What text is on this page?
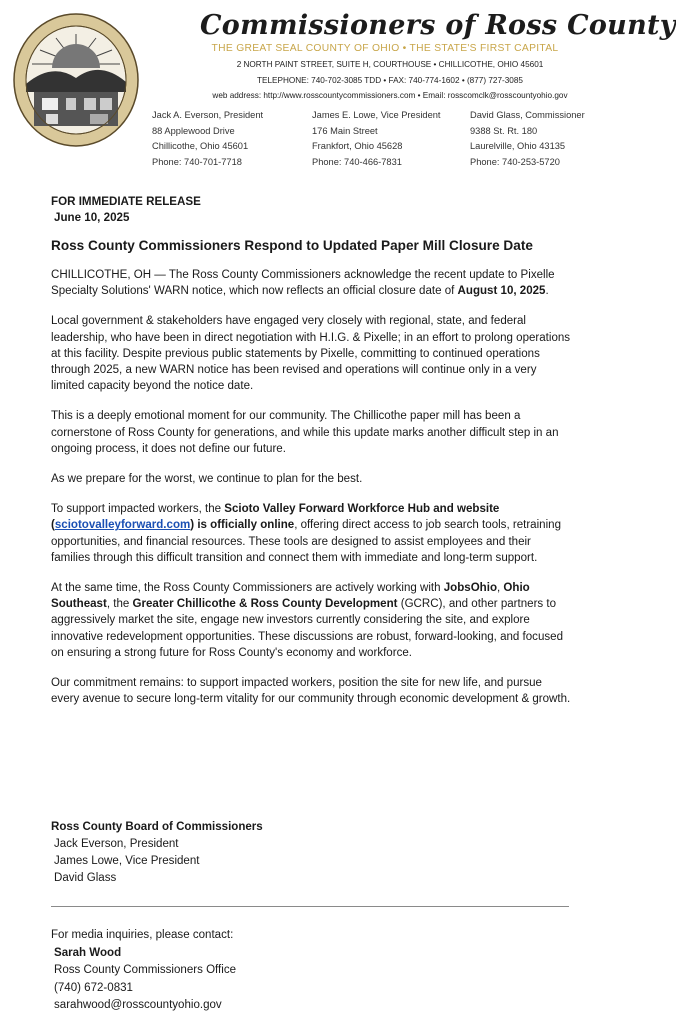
Commissioners of Ross County
THE GREAT SEAL COUNTY OF OHIO • THE STATE'S FIRST CAPITAL
2 NORTH PAINT STREET, SUITE H, COURTHOUSE • CHILLICOTHE, OHIO 45601
TELEPHONE: 740-702-3085 TDD • FAX: 740-774-1602 • (877) 727-3085
web address: http://www.rosscountycommissioners.com • Email: rosscomclk@rosscountyohio.gov
Jack A. Everson, President
88 Applewood Drive
Chillicothe, Ohio 45601
Phone: 740-701-7718
James E. Lowe, Vice President
176 Main Street
Frankfort, Ohio 45628
Phone: 740-466-7831
David Glass, Commissioner
9388 St. Rt. 180
Laurelville, Ohio 43135
Phone: 740-253-5720
FOR IMMEDIATE RELEASE
June 10, 2025
Ross County Commissioners Respond to Updated Paper Mill Closure Date

CHILLICOTHE, OH — The Ross County Commissioners acknowledge the recent update to Pixelle Specialty Solutions' WARN notice, which now reflects an official closure date of August 10, 2025.

Local government & stakeholders have engaged very closely with regional, state, and federal leadership, who have been in direct negotiation with H.I.G. & Pixelle; in an effort to prolong operations at this facility. Despite previous public statements by Pixelle, committing to continued operations through 2025, a new WARN notice has been revised and operations will continue only in a very limited capacity beyond the notice date.

This is a deeply emotional moment for our community. The Chillicothe paper mill has been a cornerstone of Ross County for generations, and while this update marks another difficult step in an ongoing process, it does not define our future.

As we prepare for the worst, we continue to plan for the best.

To support impacted workers, the Scioto Valley Forward Workforce Hub and website (sciotovalleyforward.com) is officially online, offering direct access to job search tools, retraining opportunities, and financial resources. These tools are designed to assist employees and their families through this difficult transition and connect them with immediate and long-term support.

At the same time, the Ross County Commissioners are actively working with JobsOhio, Ohio Southeast, the Greater Chillicothe & Ross County Development (GCRC), and other partners to aggressively market the site, engage new investors currently considering the site, and explore innovative redevelopment opportunities. These discussions are robust, forward-looking, and focused on ensuring a strong future for Ross County's economy and workforce.

Our commitment remains: to support impacted workers, position the site for new life, and pursue every avenue to secure long-term vitality for our community through economic development & growth.

Ross County Board of Commissioners
Jack Everson, President
James Lowe, Vice President
David Glass
For media inquiries, please contact:
Sarah Wood
Ross County Commissioners Office
(740) 672-0831
sarahwood@rosscountyohio.gov
